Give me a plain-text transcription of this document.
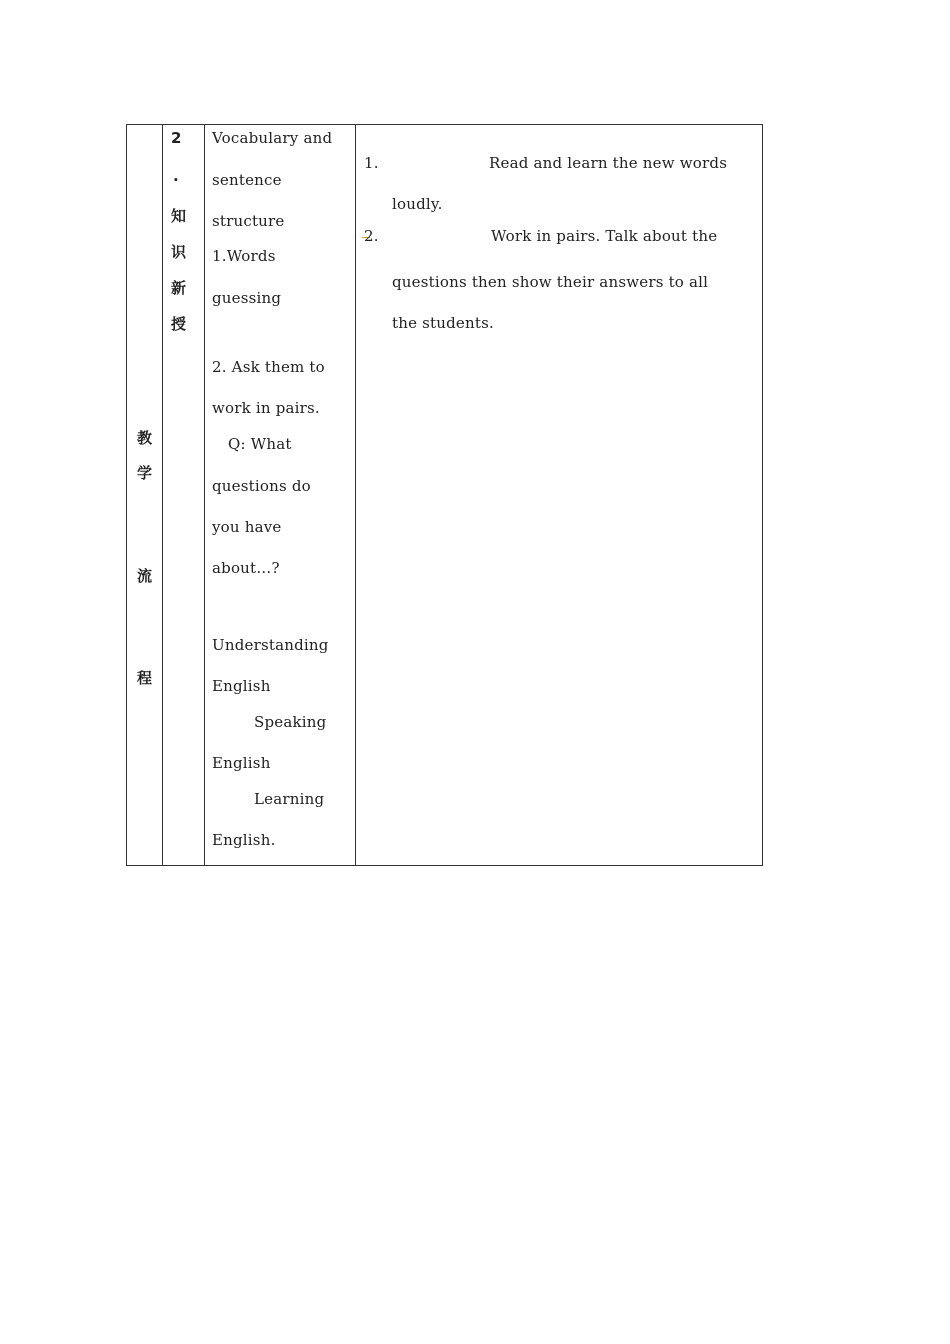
教
学
流
程
2
.
知
识
新
授
Vocabulary and
sentence
structure
1.Words
guessing
2. Ask them to
work in pairs.
Q: What
questions do
you have
about…?
Understanding
English
Speaking
English
Learning
English.
1.	Read and learn the new words
loudly.
2.	Work in pairs. Talk about the
questions then show their answers to all
the students.
